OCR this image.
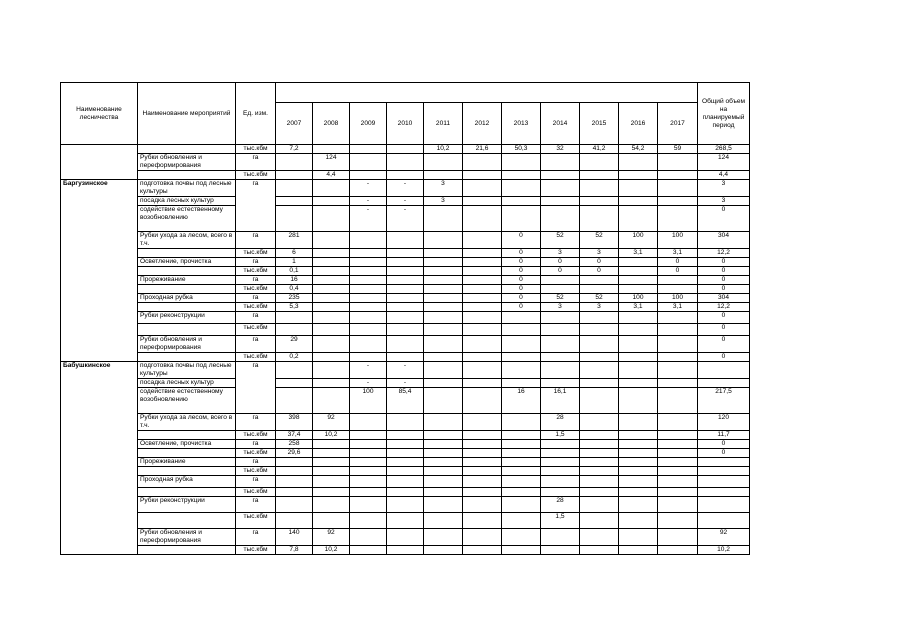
Наименование лесничества	Наименование мероприятий	Ед. изм.												Общий объем на планируемый период
			2007	2008	2009	2010	2011	2012	2013	2014	2015	2016	2017	
		тыс.кбм	7,2				10,2	21,6	50,3	32	41,2	54,2	59	268,5
	Рубки обновления и переформирования	га		124										124
		тыс.кбм		4,4										4,4
Баргузинское	подготовка почвы под лесные культуры	га			-	-	3							3
	посадка лесных культур				-	-	3							3
	содействие естественному возобновлению				-	-								0
	Рубки ухода за лесом, всего в т.ч.	га	281						0	52	52	100	100	304
		тыс.кбм	6						0	3	3	3,1	3,1	12,2
	Осветление, прочистка	га	1						0	0	0		0	0
		тыс.кбм	0,1						0	0	0		0	0
	Прореживание	га	16						0					0
		тыс.кбм	0,4						0					0
	Проходная рубка	га	235						0	52	52	100	100	304
		тыс.кбм	5,3						0	3	3	3,1	3,1	12,2
	Рубки реконструкции	га												0
		тыс.кбм												0
	Рубки обновления и переформирования	га	29											0
		тыс.кбм	0,2											0
Бабушкинское	подготовка почвы под лесные культуры	га			-	-								
	посадка лесных культур				-	-								
	содействие естественному возобновлению				100	85,4			16	16,1				217,5
	Рубки ухода за лесом, всего в т.ч.	га	398	92						28				120
		тыс.кбм	37,4	10,2						1,5				11,7
	Осветление, прочистка	га	258											0
		тыс.кбм	29,6											0
	Прореживание	га												
		тыс.кбм												
	Проходная рубка	га												
		тыс.кбм												
	Рубки реконструкции	га								28				
		тыс.кбм								1,5				
	Рубки обновления и переформирования	га	140	92										92
		тыс.кбм	7,8	10,2										10,2
